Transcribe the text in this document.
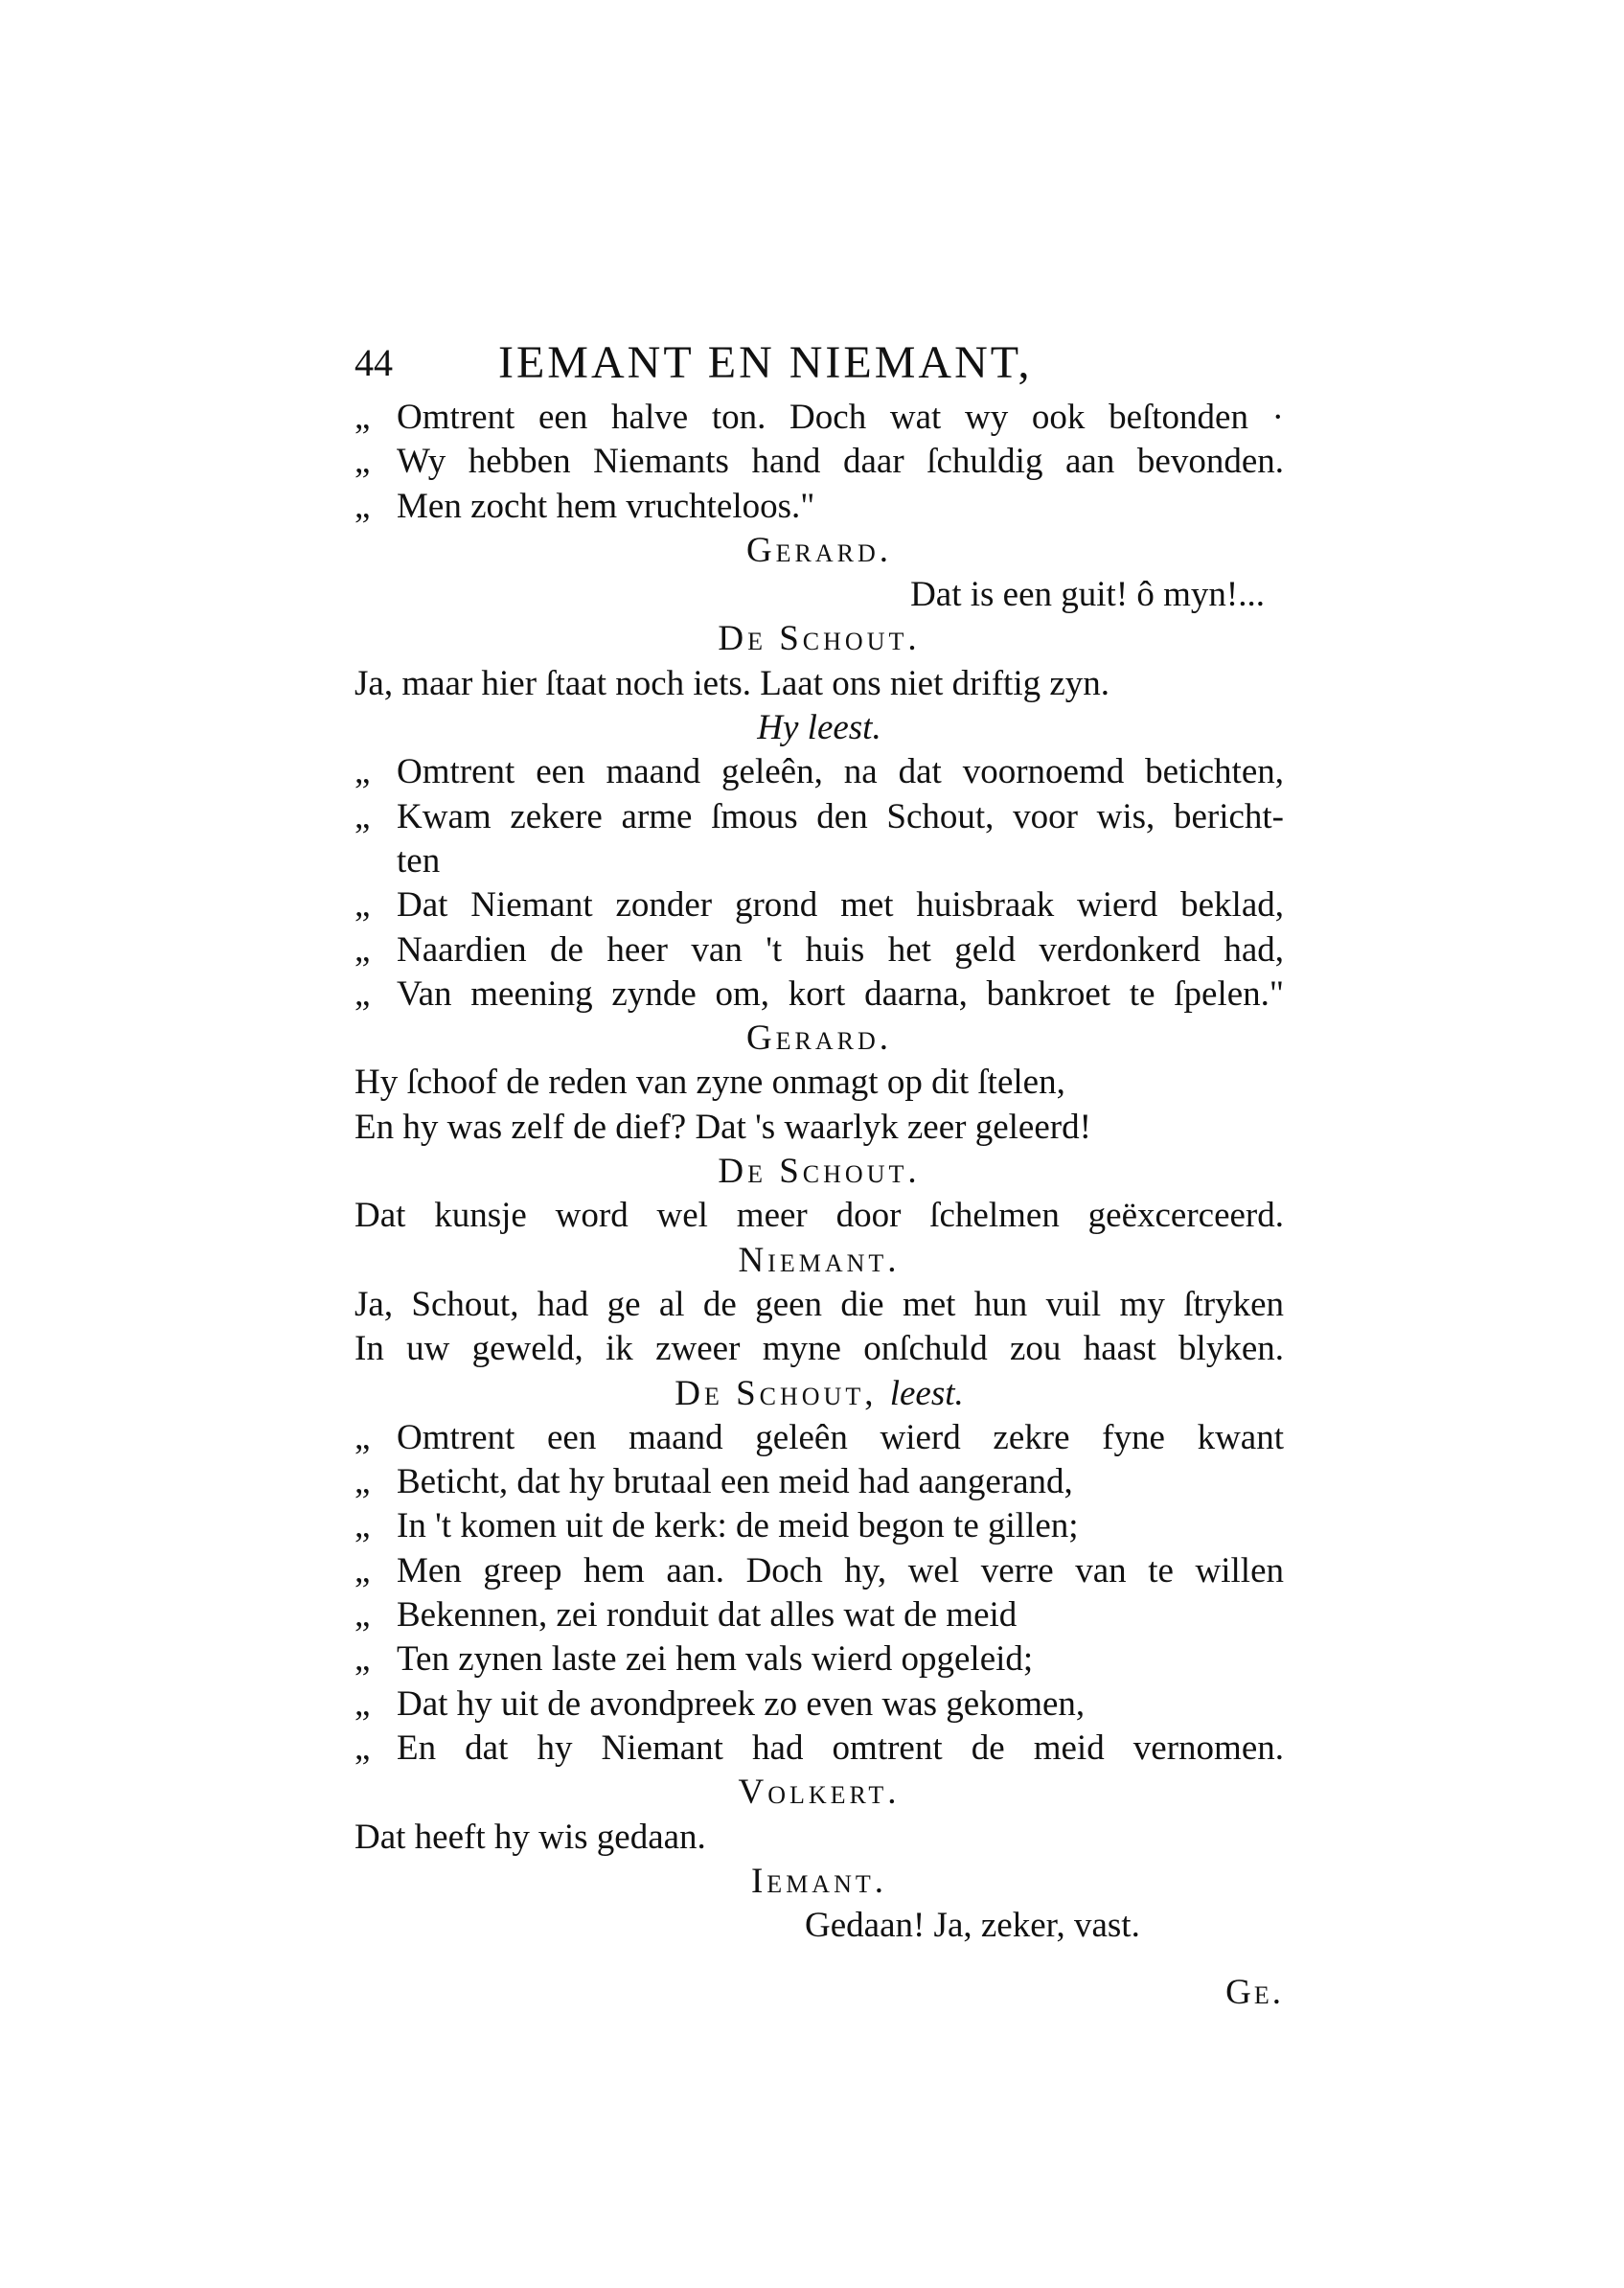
44 IEMANT EN NIEMANT,
„ Omtrent een halve ton. Doch wat wy ook beſtonden ·
„ Wy hebben Niemants hand daar ſchuldig aan bevonden.
„ Men zocht hem vruchteloos."
Gerard.
Dat is een guit! ô myn!...
De Schout.
Ja, maar hier ſtaat noch iets. Laat ons niet driftig zyn.
Hy leest.
„ Omtrent een maand geleên, na dat voornoemd betichten,
„ Kwam zekere arme ſmous den Schout, voor wis, bericht-
ten
„ Dat Niemant zonder grond met huisbraak wierd beklad,
„ Naardien de heer van 't huis het geld verdonkerd had,
„ Van meening zynde om, kort daarna, bankroet te ſpelen."
Gerard.
Hy ſchoof de reden van zyne onmagt op dit ſtelen,
En hy was zelf de dief? Dat 's waarlyk zeer geleerd!
De Schout.
Dat kunsje word wel meer door ſchelmen geëxcerceerd.
Niemant.
Ja, Schout, had ge al de geen die met hun vuil my ſtryken
In uw geweld, ik zweer myne onſchuld zou haast blyken.
De Schout, leest.
„ Omtrent een maand geleên wierd zekre fyne kwant
„ Beticht, dat hy brutaal een meid had aangerand,
„ In 't komen uit de kerk: de meid begon te gillen;
„ Men greep hem aan. Doch hy, wel verre van te willen
„ Bekennen, zei ronduit dat alles wat de meid
„ Ten zynen laste zei hem vals wierd opgeleid;
„ Dat hy uit de avondpreek zo even was gekomen,
„ En dat hy Niemant had omtrent de meid vernomen.
Volkert.
Dat heeft hy wis gedaan.
Iemant.
Gedaan! Ja, zeker, vast.
Ge.
